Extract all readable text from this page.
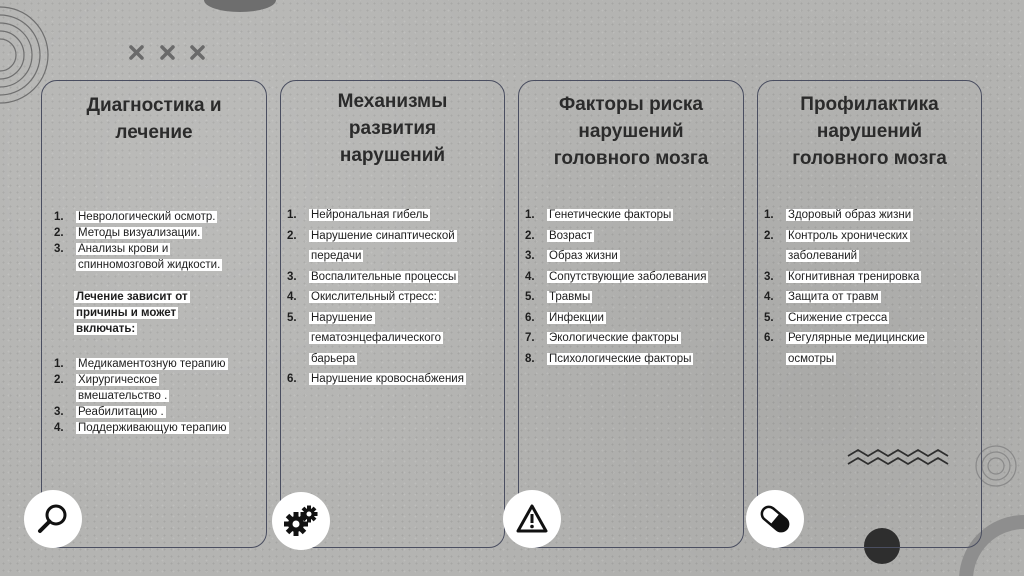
Диагностика и
лечение
1. Неврологический осмотр.
2. Методы визуализации.
3. Анализы крови и спинномозговой жидкости.
Лечение зависит от причины и может включать:
1. Медикаментозную терапию
2. Хирургическое вмешательство .
3. Реабилитацию .
4. Поддерживающую терапию
Механизмы
развития
нарушений
1. Нейрональная гибель
2. Нарушение синаптической передачи
3. Воспалительные процессы
4. Окислительный стресс:
5. Нарушение гематоэнцефалического барьера
6. Нарушение кровоснабжения
Факторы риска
нарушений
головного мозга
1. Генетические факторы
2. Возраст
3. Образ жизни
4. Сопутствующие заболевания
5. Травмы
6. Инфекции
7. Экологические факторы
8. Психологические факторы
Профилактика
нарушений
головного мозга
1. Здоровый образ жизни
2. Контроль хронических заболеваний
3. Когнитивная тренировка
4. Защита от травм
5. Снижение стресса
6. Регулярные медицинские осмотры
